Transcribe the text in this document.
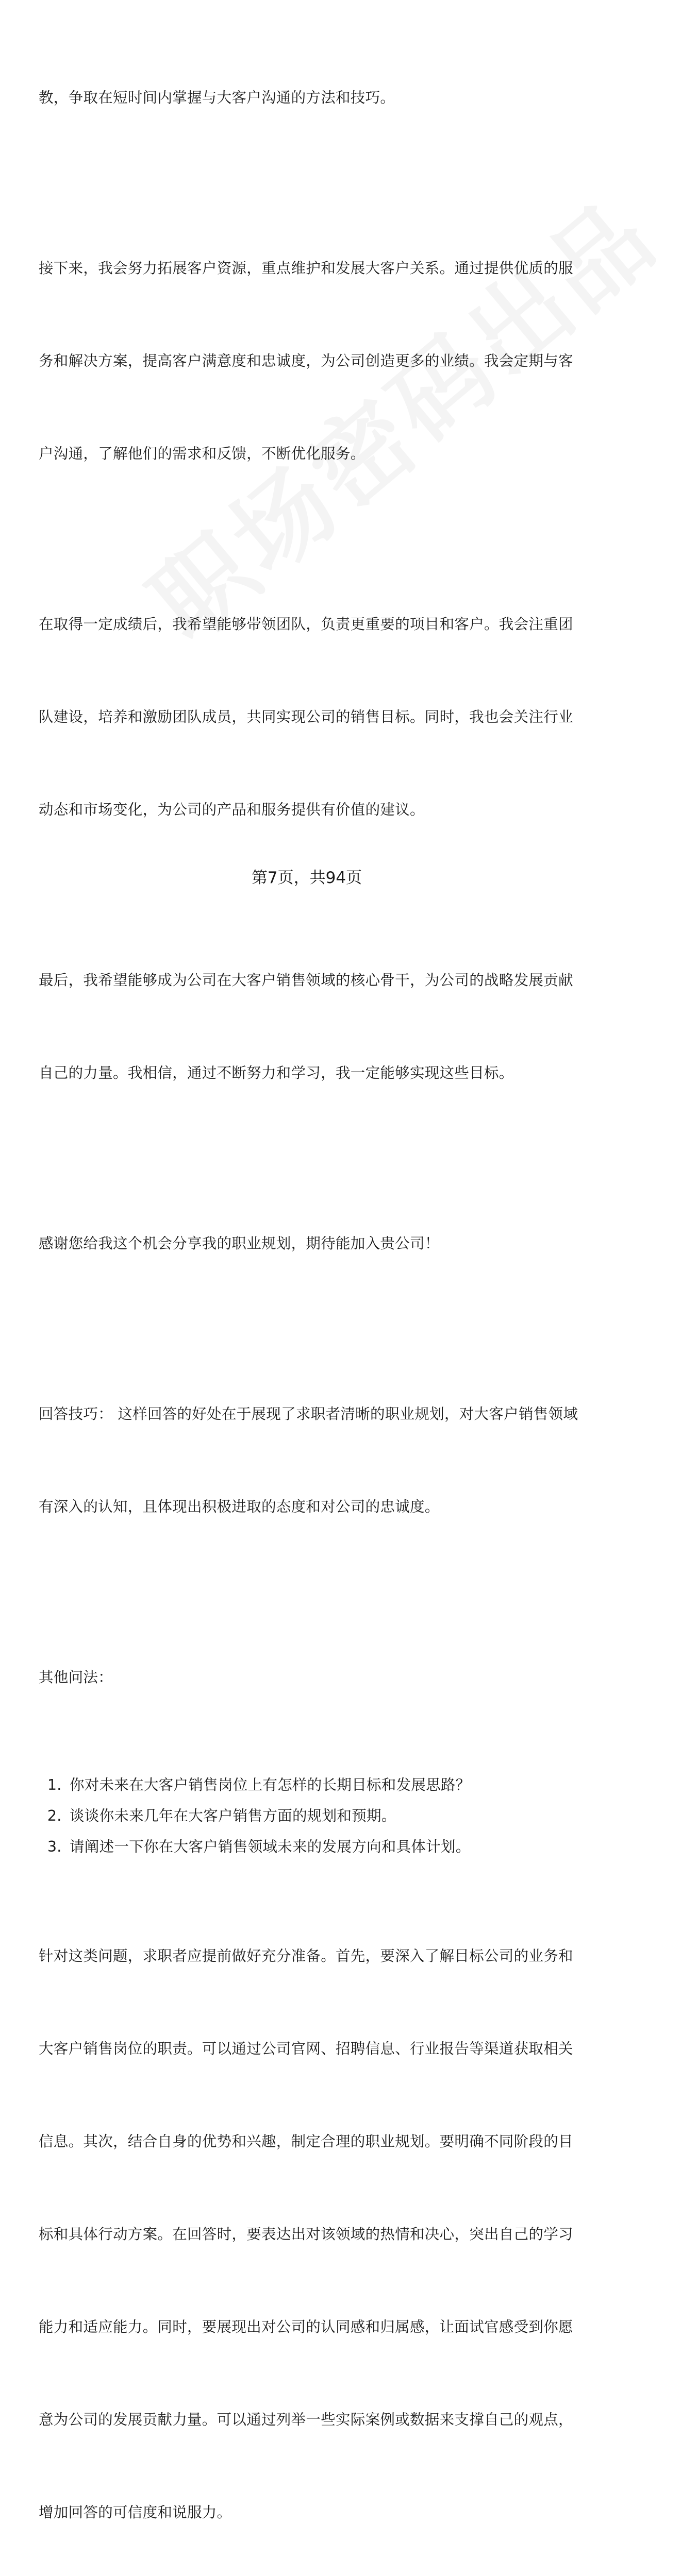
教，争取在短时间内掌握与大客户沟通的方法和技巧。

接下来，我会努力拓展客户资源，重点维护和发展大客户关系。通过提供优质的服

务和解决方案，提高客户满意度和忠诚度，为公司创造更多的业绩。我会定期与客

户沟通，了解他们的需求和反馈，不断优化服务。

在取得一定成绩后，我希望能够带领团队，负责更重要的项目和客户。我会注重团

队建设，培养和激励团队成员，共同实现公司的销售目标。同时，我也会关注行业

动态和市场变化，为公司的产品和服务提供有价值的建议。

最后，我希望能够成为公司在大客户销售领域的核心骨干，为公司的战略发展贡献

自己的力量。我相信，通过不断努力和学习，我一定能够实现这些目标。

感谢您给我这个机会分享我的职业规划，期待能加入贵公司！

回答技巧： 这样回答的好处在于展现了求职者清晰的职业规划，对大客户销售领域

有深入的认知，且体现出积极进取的态度和对公司的忠诚度。

其他问法：

1. 你对未来在大客户销售岗位上有怎样的长期目标和发展思路？
2. 谈谈你未来几年在大客户销售方面的规划和预期。
3. 请阐述一下你在大客户销售领域未来的发展方向和具体计划。

针对这类问题，求职者应提前做好充分准备。首先，要深入了解目标公司的业务和

大客户销售岗位的职责。可以通过公司官网、招聘信息、行业报告等渠道获取相关

信息。其次，结合自身的优势和兴趣，制定合理的职业规划。要明确不同阶段的目

标和具体行动方案。在回答时，要表达出对该领域的热情和决心，突出自己的学习

能力和适应能力。同时，要展现出对公司的认同感和归属感，让面试官感受到你愿

意为公司的发展贡献力量。可以通过列举一些实际案例或数据来支撑自己的观点，

增加回答的可信度和说服力。

第7页，共94页
